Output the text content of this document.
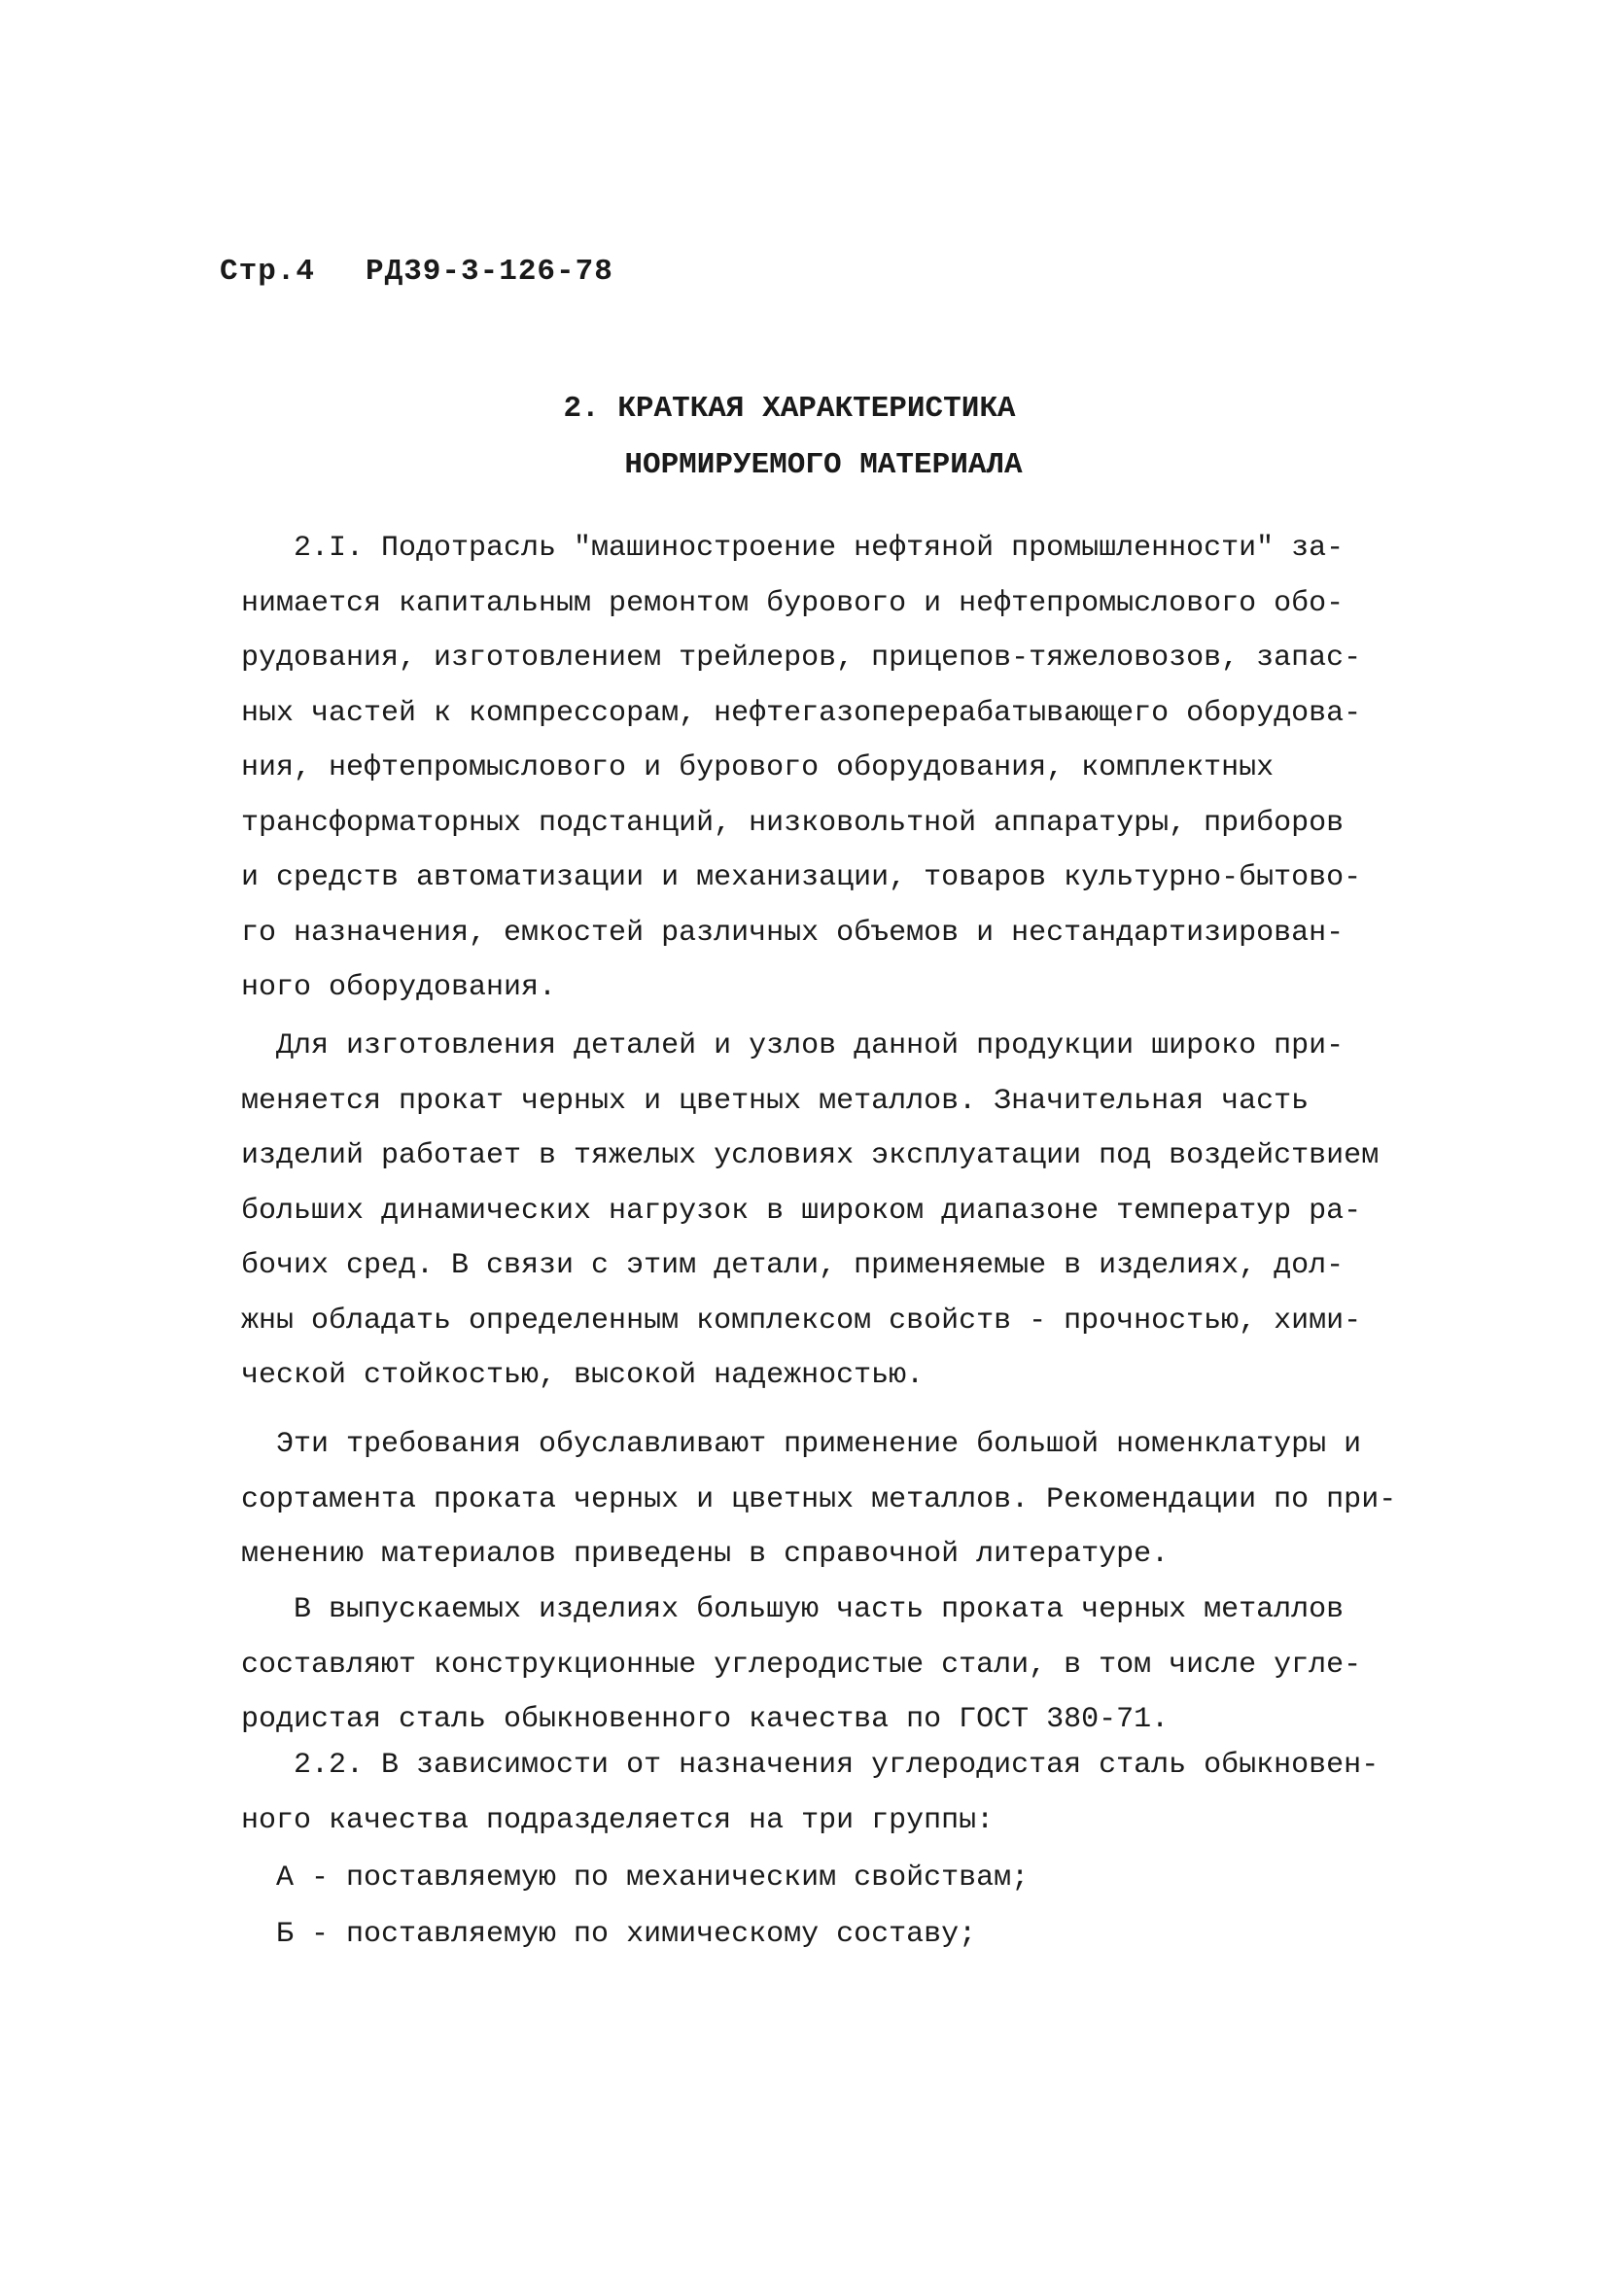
Стр.4 РД39-3-126-78
2. КРАТКАЯ ХАРАКТЕРИСТИКА
НОРМИРУЕМОГО МАТЕРИАЛА
2.I. Подотрасль "машиностроение нефтяной промышленности" за-
нимается капитальным ремонтом бурового и нефтепромыслового обо-
рудования, изготовлением трейлеров, прицепов-тяжеловозов, запас-
ных частей к компрессорам, нефтегазоперерабатывающего оборудова-
ния, нефтепромыслового и бурового оборудования, комплектных
трансформаторных подстанций, низковольтной аппаратуры, приборов
и средств автоматизации и механизации, товаров культурно-бытово-
го назначения, емкостей различных объемов и нестандартизирован-
ного оборудования.
Для изготовления деталей и узлов данной продукции широко при-
меняется прокат черных и цветных металлов. Значительная часть
изделий работает в тяжелых условиях эксплуатации под воздействием
больших динамических нагрузок в широком диапазоне температур ра-
бочих сред. В связи с этим детали, применяемые в изделиях, дол-
жны обладать определенным комплексом свойств - прочностью, хими-
ческой стойкостью, высокой надежностью.
Эти требования обуславливают применение большой номенклатуры и
сортамента проката черных и цветных металлов. Рекомендации по при-
менению материалов приведены в справочной литературе.
В выпускаемых изделиях большую часть проката черных металлов
составляют конструкционные углеродистые стали, в том числе угле-
родистая сталь обыкновенного качества по ГОСТ 380-71.
2.2. В зависимости от назначения углеродистая сталь обыкновен-
ного качества подразделяется на три группы:
А - поставляемую по механическим свойствам;
Б - поставляемую по химическому составу;
